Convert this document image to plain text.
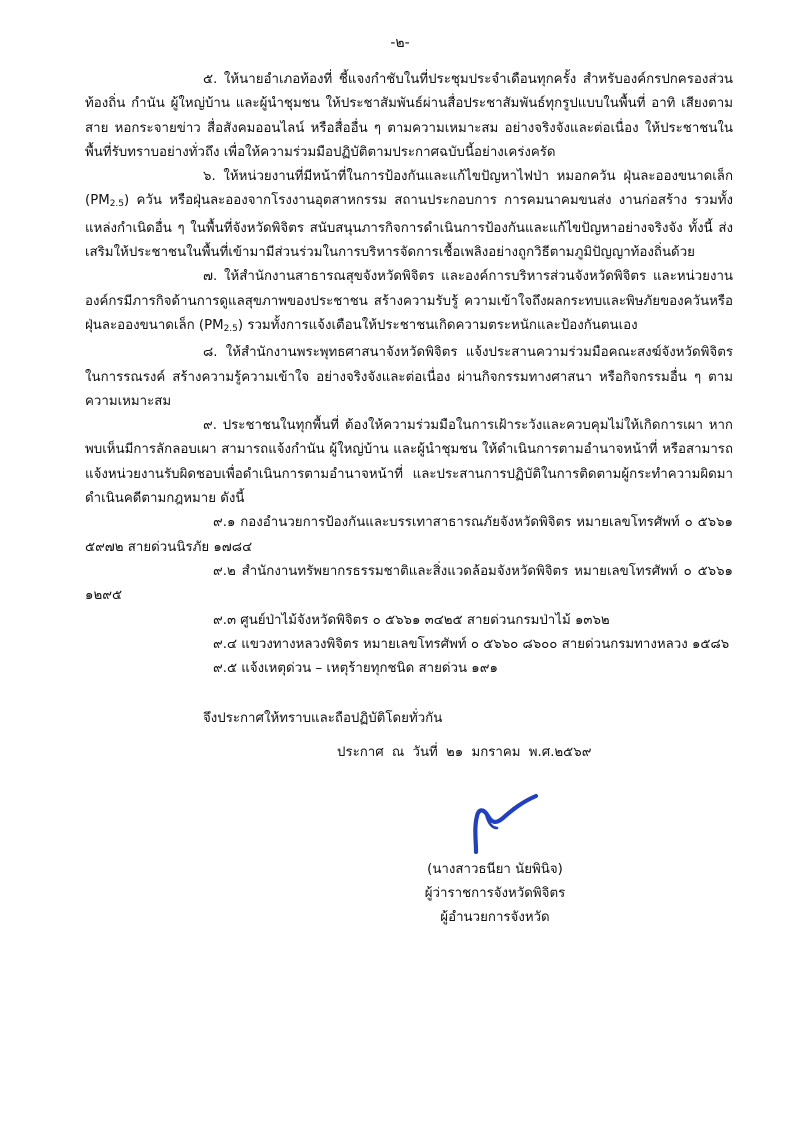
-๒-

๕. ให้นายอำเภอท้องที่ ชี้แจงกำชับในที่ประชุมประจำเดือนทุกครั้ง สำหรับองค์กรปกครองส่วนท้องถิ่น กำนัน ผู้ใหญ่บ้าน และผู้นำชุมชน ให้ประชาสัมพันธ์ผ่านสื่อประชาสัมพันธ์ทุกรูปแบบในพื้นที่ อาทิ เสียงตามสาย หอกระจายข่าว สื่อสังคมออนไลน์ หรือสื่ออื่น ๆ ตามความเหมาะสม อย่างจริงจังและต่อเนื่อง ให้ประชาชนในพื้นที่รับทราบอย่างทั่วถึง เพื่อให้ความร่วมมือปฏิบัติตามประกาศฉบับนี้อย่างเคร่งครัด

๖. ให้หน่วยงานที่มีหน้าที่ในการป้องกันและแก้ไขปัญหาไฟป่า หมอกควัน ฝุ่นละอองขนาดเล็ก $(PM_{2.5})$ ควัน หรือฝุ่นละอองจากโรงงานอุตสาหกรรม สถานประกอบการ การคมนาคมขนส่ง งานก่อสร้าง รวมทั้งแหล่งกำเนิดอื่น ๆ ในพื้นที่จังหวัดพิจิตร สนับสนุนภารกิจการดำเนินการป้องกันและแก้ไขปัญหาอย่างจริงจัง ทั้งนี้ ส่งเสริมให้ประชาชนในพื้นที่เข้ามามีส่วนร่วมในการบริหารจัดการเชื้อเพลิงอย่างถูกวิธีตามภูมิปัญญาท้องถิ่นด้วย

๗. ให้สำนักงานสาธารณสุขจังหวัดพิจิตร และองค์การบริหารส่วนจังหวัดพิจิตร และหน่วยงานองค์กรมีภารกิจด้านการดูแลสุขภาพของประชาชน สร้างความรับรู้ ความเข้าใจถึงผลกระทบและพิษภัยของควันหรือฝุ่นละอองขนาดเล็ก $(PM_{2.5})$ รวมทั้งการแจ้งเตือนให้ประชาชนเกิดความตระหนักและป้องกันตนเอง

๘. ให้สำนักงานพระพุทธศาสนาจังหวัดพิจิตร แจ้งประสานความร่วมมือคณะสงฆ์จังหวัดพิจิตร ในการรณรงค์ สร้างความรู้ความเข้าใจ อย่างจริงจังและต่อเนื่อง ผ่านกิจกรรมทางศาสนา หรือกิจกรรมอื่น ๆ ตามความเหมาะสม

๙. ประชาชนในทุกพื้นที่ ต้องให้ความร่วมมือในการเฝ้าระวังและควบคุมไม่ให้เกิดการเผา หากพบเห็นมีการลักลอบเผา สามารถแจ้งกำนัน ผู้ใหญ่บ้าน และผู้นำชุมชน ให้ดำเนินการตามอำนาจหน้าที่ หรือสามารถแจ้งหน่วยงานรับผิดชอบเพื่อดำเนินการตามอำนาจหน้าที่ และประสานการปฏิบัติในการติดตามผู้กระทำความผิดมาดำเนินคดีตามกฎหมาย ดังนี้

๙.๑ กองอำนวยการป้องกันและบรรเทาสาธารณภัยจังหวัดพิจิตร หมายเลขโทรศัพท์ ๐ ๕๖๖๑ ๕๙๗๒ สายด่วนนิรภัย ๑๗๘๔

๙.๒ สำนักงานทรัพยากรธรรมชาติและสิ่งแวดล้อมจังหวัดพิจิตร หมายเลขโทรศัพท์ ๐ ๕๖๖๑ ๑๒๙๕

๙.๓ ศูนย์ป่าไม้จังหวัดพิจิตร ๐ ๕๖๖๑ ๓๔๒๕ สายด่วนกรมป่าไม้ ๑๓๖๒

๙.๔ แขวงทางหลวงพิจิตร หมายเลขโทรศัพท์ ๐ ๕๖๖๐ ๘๖๐๐ สายด่วนกรมทางหลวง ๑๕๘๖

๙.๕ แจ้งเหตุด่วน – เหตุร้ายทุกชนิด สายด่วน ๑๙๑

จึงประกาศให้ทราบและถือปฏิบัติโดยทั่วกัน
ประกาศ ณ วันที่ ๒๑ มกราคม พ.ศ.๒๕๖๙
(นางสาวธนียา นัยพินิจ)
ผู้ว่าราชการจังหวัดพิจิตร
ผู้อำนวยการจังหวัด
